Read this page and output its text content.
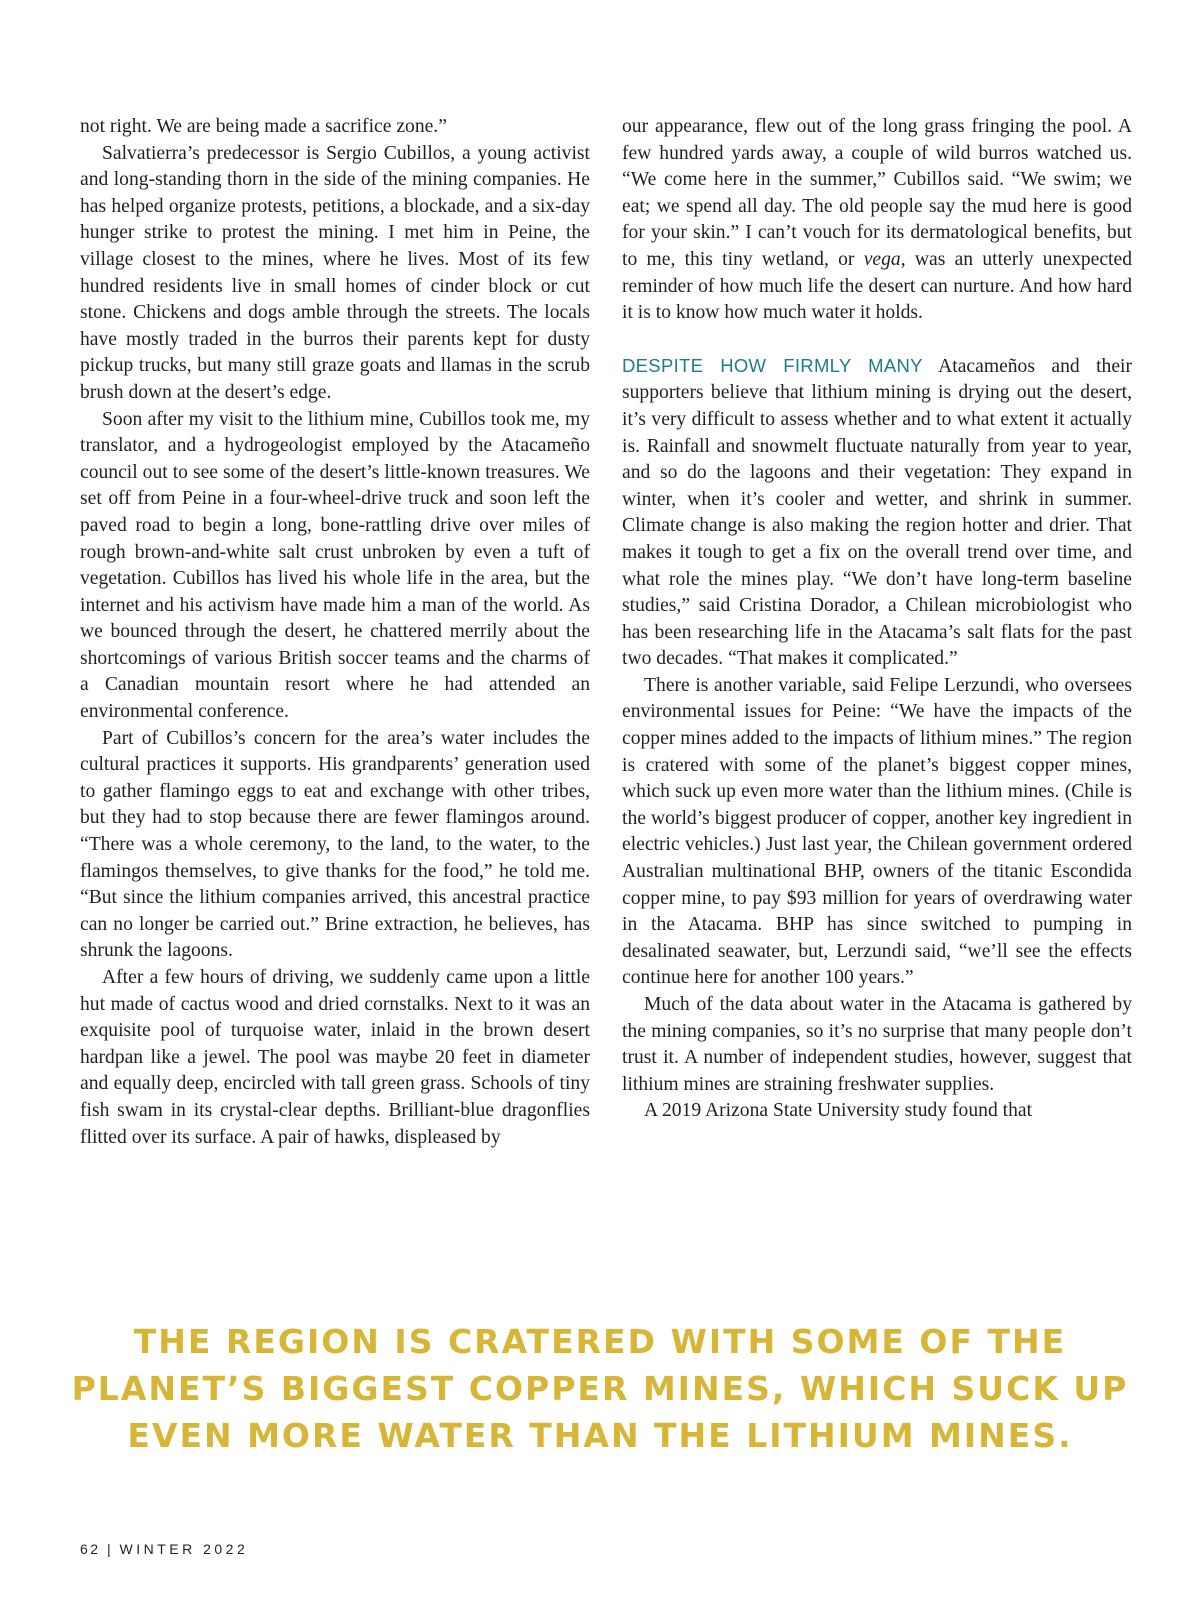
not right. We are being made a sacrifice zone.”

Salvatierra’s predecessor is Sergio Cubillos, a young activist and long-standing thorn in the side of the mining companies. He has helped organize protests, petitions, a blockade, and a six-day hunger strike to protest the mining. I met him in Peine, the village closest to the mines, where he lives. Most of its few hundred residents live in small homes of cinder block or cut stone. Chickens and dogs amble through the streets. The locals have mostly traded in the burros their parents kept for dusty pickup trucks, but many still graze goats and llamas in the scrub brush down at the desert’s edge.

Soon after my visit to the lithium mine, Cubillos took me, my translator, and a hydrogeologist employed by the Atacameño council out to see some of the desert’s little-known treasures. We set off from Peine in a four-wheel-drive truck and soon left the paved road to begin a long, bone-rattling drive over miles of rough brown-and-white salt crust unbroken by even a tuft of vegetation. Cubillos has lived his whole life in the area, but the internet and his activism have made him a man of the world. As we bounced through the desert, he chattered merrily about the shortcomings of various British soccer teams and the charms of a Canadian mountain resort where he had attended an environmental conference.

Part of Cubillos’s concern for the area’s water includes the cultural practices it supports. His grandparents’ generation used to gather flamingo eggs to eat and exchange with other tribes, but they had to stop because there are fewer flamingos around. “There was a whole ceremony, to the land, to the water, to the flamingos themselves, to give thanks for the food,” he told me. “But since the lithium companies arrived, this ancestral practice can no longer be carried out.” Brine extraction, he believes, has shrunk the lagoons.

After a few hours of driving, we suddenly came upon a little hut made of cactus wood and dried cornstalks. Next to it was an exquisite pool of turquoise water, inlaid in the brown desert hardpan like a jewel. The pool was maybe 20 feet in diameter and equally deep, encircled with tall green grass. Schools of tiny fish swam in its crystal-clear depths. Brilliant-blue dragonflies flitted over its surface. A pair of hawks, displeased by

our appearance, flew out of the long grass fringing the pool. A few hundred yards away, a couple of wild burros watched us. “We come here in the summer,” Cubillos said. “We swim; we eat; we spend all day. The old people say the mud here is good for your skin.” I can’t vouch for its dermatological benefits, but to me, this tiny wetland, or vega, was an utterly unexpected reminder of how much life the desert can nurture. And how hard it is to know how much water it holds.

DESPITE HOW FIRMLY MANY Atacameños and their supporters believe that lithium mining is drying out the desert, it’s very difficult to assess whether and to what extent it actually is. Rainfall and snowmelt fluctuate naturally from year to year, and so do the lagoons and their vegetation: They expand in winter, when it’s cooler and wetter, and shrink in summer. Climate change is also making the region hotter and drier. That makes it tough to get a fix on the overall trend over time, and what role the mines play. “We don’t have long-term baseline studies,” said Cristina Dorador, a Chilean microbiologist who has been researching life in the Atacama’s salt flats for the past two decades. “That makes it complicated.”

There is another variable, said Felipe Lerzundi, who oversees environmental issues for Peine: “We have the impacts of the copper mines added to the impacts of lithium mines.” The region is cratered with some of the planet’s biggest copper mines, which suck up even more water than the lithium mines. (Chile is the world’s biggest producer of copper, another key ingredient in electric vehicles.) Just last year, the Chilean government ordered Australian multinational BHP, owners of the titanic Escondida copper mine, to pay $93 million for years of overdrawing water in the Atacama. BHP has since switched to pumping in desalinated seawater, but, Lerzundi said, “we’ll see the effects continue here for another 100 years.”

Much of the data about water in the Atacama is gathered by the mining companies, so it’s no surprise that many people don’t trust it. A number of independent studies, however, suggest that lithium mines are straining freshwater supplies.

A 2019 Arizona State University study found that

THE REGION IS CRATERED WITH SOME OF THE PLANET’S BIGGEST COPPER MINES, WHICH SUCK UP EVEN MORE WATER THAN THE LITHIUM MINES.

62 | WINTER 2022
